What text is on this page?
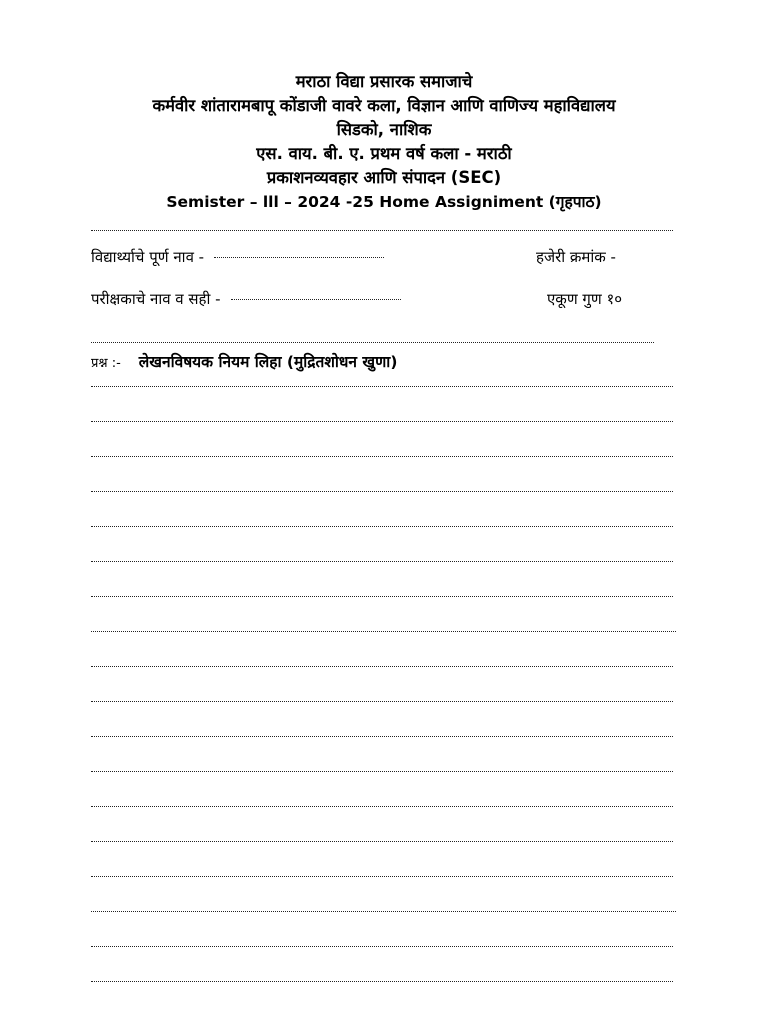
मराठा विद्या प्रसारक समाजाचे
कर्मवीर शांतारामबापू कोंडाजी वावरे कला, विज्ञान आणि वाणिज्य महाविद्यालय
सिडको, नाशिक
एस. वाय. बी. ए. प्रथम वर्ष कला - मराठी
प्रकाशनव्यवहार आणि संपादन (SEC)
Semister – lll – 2024 -25 Home Assigniment (गृहपाठ)
विद्यार्थ्याचे पूर्ण नाव -	हजेरी क्रमांक -
परीक्षकाचे नाव व सही -	एकूण गुण १०
प्रश्न :- लेखनविषयक नियम लिहा (मुद्रितशोधन खुणा)
